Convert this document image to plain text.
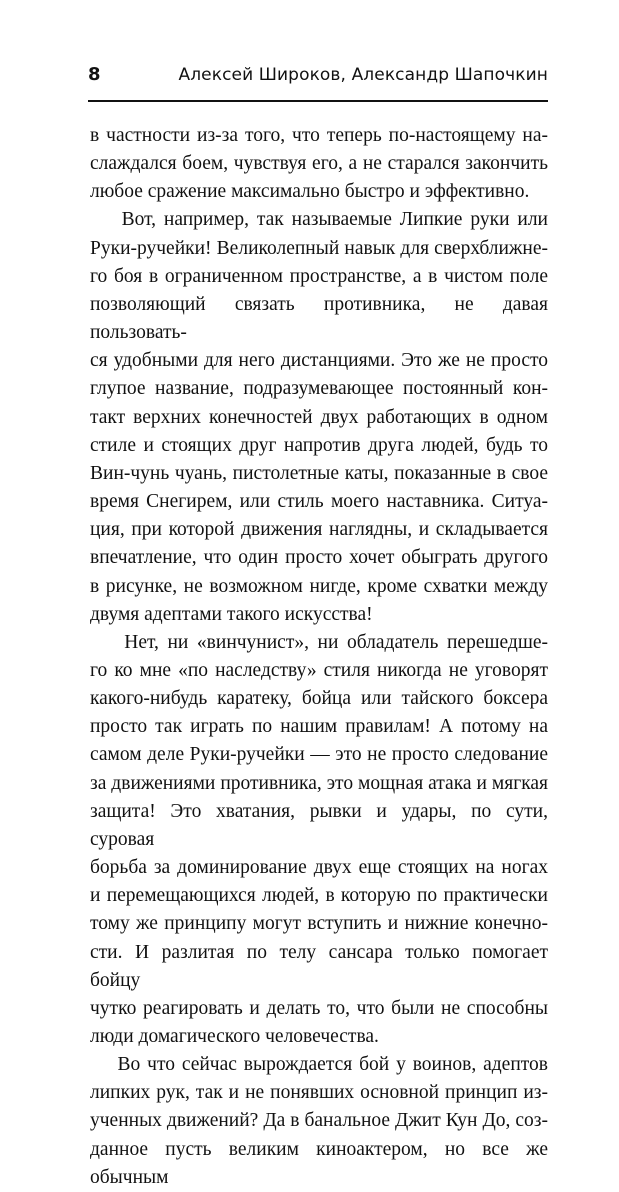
8	Алексей Широков, Александр Шапочкин

в частности из-за того, что теперь по-настоящему на-

слаждался боем, чувствуя его, а не старался закончить

любое сражение максимально быстро и эффективно.

Вот, например, так называемые Липкие руки или

Руки-ручейки! Великолепный навык для сверхближне-

го боя в ограниченном пространстве, а в чистом поле

позволяющий связать противника, не давая пользовать-

ся удобными для него дистанциями. Это же не просто

глупое название, подразумевающее постоянный кон-

такт верхних конечностей двух работающих в одном

стиле и стоящих друг напротив друга людей, будь то

Вин-чунь чуань, пистолетные каты, показанные в свое

время Снегирем, или стиль моего наставника. Ситуа-

ция, при которой движения наглядны, и складывается

впечатление, что один просто хочет обыграть другого

в рисунке, не возможном нигде, кроме схватки между

двумя адептами такого искусства!

Нет, ни «винчунист», ни обладатель перешедше-

го ко мне «по наследству» стиля никогда не уговорят

какого-нибудь каратеку, бойца или тайского боксера

просто так играть по нашим правилам! А потому на

самом деле Руки-ручейки — это не просто следование

за движениями противника, это мощная атака и мягкая

защита! Это хватания, рывки и удары, по сути, суровая

борьба за доминирование двух еще стоящих на ногах

и перемещающихся людей, в которую по практически

тому же принципу могут вступить и нижние конечно-

сти. И разлитая по телу сансара только помогает бойцу

чутко реагировать и делать то, что были не способны

люди домагического человечества.

Во что сейчас вырождается бой у воинов, адептов

липких рук, так и не понявших основной принцип из-

ученных движений? Да в банальное Джит Кун До, соз-

данное пусть великим киноактером, но все же обычным
